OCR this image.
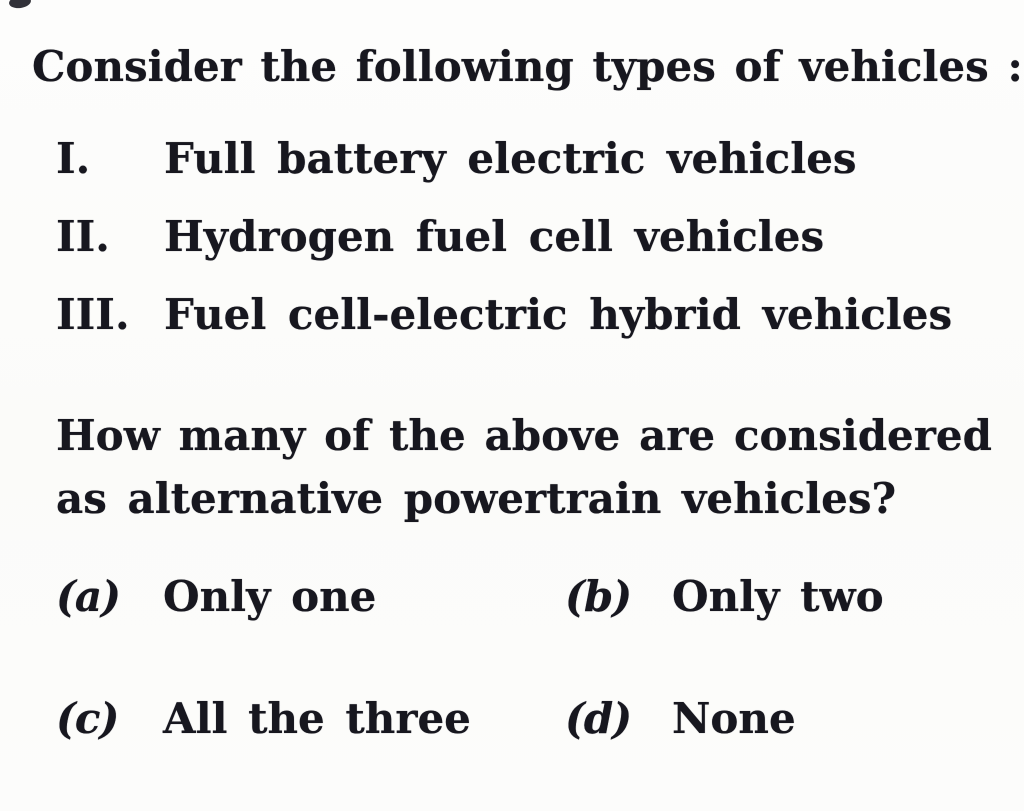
Consider the following types of vehicles :
I.	Full battery electric vehicles
II.	Hydrogen fuel cell vehicles
III. Fuel cell-electric hybrid vehicles
How many of the above are considered
as alternative powertrain vehicles?
(a)	Only one	(b) Only two
(c)	All the three (d) None
